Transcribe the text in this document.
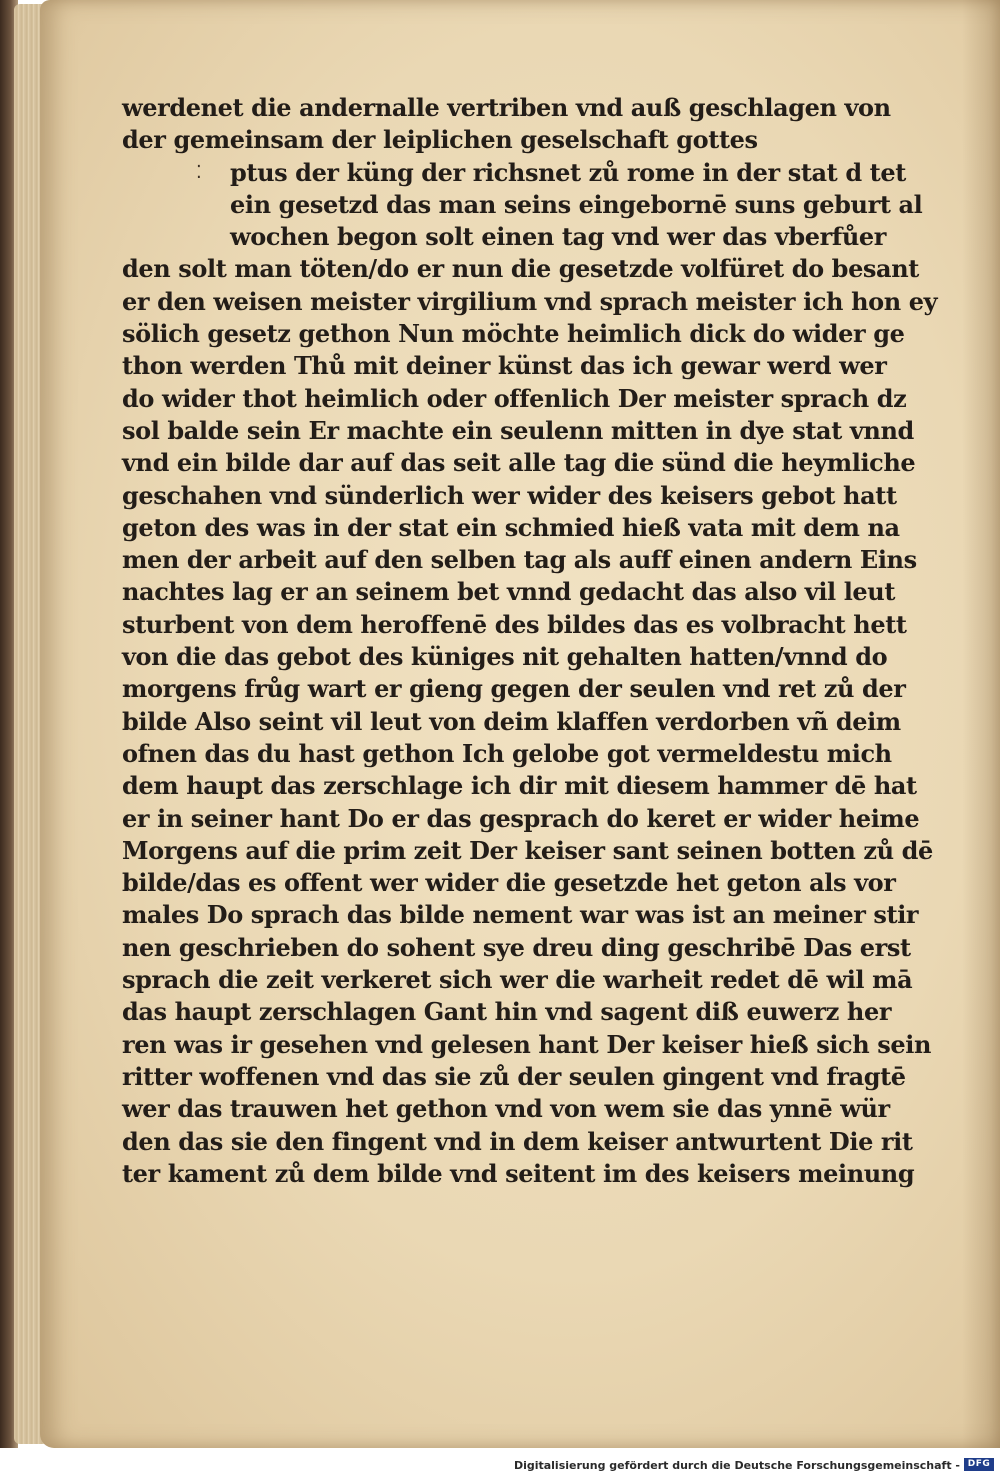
⁚
werdenet die andernalle vertriben vnd auß geschlagen von
der gemeinsam der leiplichen geselschaft gottes
ptus der küng der richsnet zů rome in der stat d tet
ein gesetzd das man seins eingebornē suns geburt al
wochen begon solt einen tag vnd wer das vberfůer
den solt man töten/do er nun die gesetzde volfüret do besant
er den weisen meister virgilium vnd sprach meister ich hon ey
sölich gesetz gethon Nun möchte heimlich dick do wider ge
thon werden Thů mit deiner künst das ich gewar werd wer
do wider thot heimlich oder offenlich Der meister sprach dz
sol balde sein Er machte ein seulenn mitten in dye stat vnnd
vnd ein bilde dar auf das seit alle tag die sünd die heymliche
geschahen vnd sünderlich wer wider des keisers gebot hatt
geton des was in der stat ein schmied hieß vata mit dem na
men der arbeit auf den selben tag als auff einen andern Eins
nachtes lag er an seinem bet vnnd gedacht das also vil leut
sturbent von dem heroffenē des bildes das es volbracht hett
von die das gebot des küniges nit gehalten hatten/vnnd do
morgens frůg wart er gieng gegen der seulen vnd ret zů der
bilde Also seint vil leut von deim klaffen verdorben vñ deim
ofnen das du hast gethon Ich gelobe got vermeldestu mich
dem haupt das zerschlage ich dir mit diesem hammer dē hat
er in seiner hant Do er das gesprach do keret er wider heime
Morgens auf die prim zeit Der keiser sant seinen botten zů dē
bilde/das es offent wer wider die gesetzde het geton als vor
males Do sprach das bilde nement war was ist an meiner stir
nen geschrieben do sohent sye dreu ding geschribē Das erst
sprach die zeit verkeret sich wer die warheit redet dē wil mā
das haupt zerschlagen Gant hin vnd sagent diß euwerz her
ren was ir gesehen vnd gelesen hant Der keiser hieß sich sein
ritter woffenen vnd das sie zů der seulen gingent vnd fragtē
wer das trauwen het gethon vnd von wem sie das ynnē wür
den das sie den fingent vnd in dem keiser antwurtent Die rit
ter kament zů dem bilde vnd seitent im des keisers meinung
Digitalisierung gefördert durch die Deutsche Forschungsgemeinschaft - DFG
